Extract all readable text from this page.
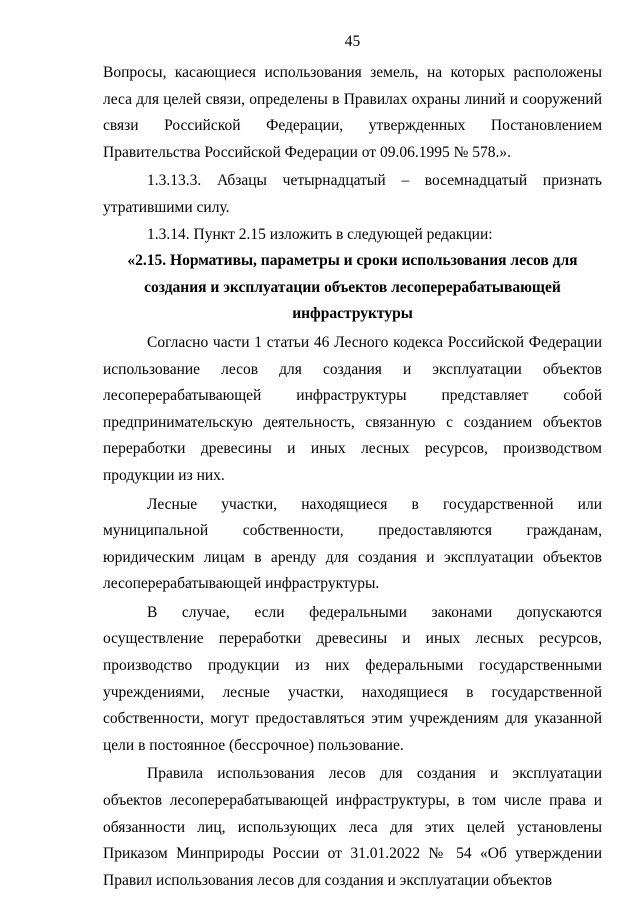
45

Вопросы, касающиеся использования земель, на которых расположены леса для целей связи, определены в Правилах охраны линий и сооружений связи Российской Федерации, утвержденных Постановлением Правительства Российской Федерации от 09.06.1995 № 578.».

1.3.13.3. Абзацы четырнадцатый – восемнадцатый признать утратившими силу.

1.3.14. Пункт 2.15 изложить в следующей редакции:

«2.15. Нормативы, параметры и сроки использования лесов для создания и эксплуатации объектов лесоперерабатывающей инфраструктуры

Согласно части 1 статьи 46 Лесного кодекса Российской Федерации использование лесов для создания и эксплуатации объектов лесоперерабатывающей инфраструктуры представляет собой предпринимательскую деятельность, связанную с созданием объектов переработки древесины и иных лесных ресурсов, производством продукции из них.

Лесные участки, находящиеся в государственной или муниципальной собственности, предоставляются гражданам, юридическим лицам в аренду для создания и эксплуатации объектов лесоперерабатывающей инфраструктуры.

В случае, если федеральными законами допускаются осуществление переработки древесины и иных лесных ресурсов, производство продукции из них федеральными государственными учреждениями, лесные участки, находящиеся в государственной собственности, могут предоставляться этим учреждениям для указанной цели в постоянное (бессрочное) пользование.

Правила использования лесов для создания и эксплуатации объектов лесоперерабатывающей инфраструктуры, в том числе права и обязанности лиц, использующих леса для этих целей установлены Приказом Минприроды России от 31.01.2022 № 54 «Об утверждении Правил использования лесов для создания и эксплуатации объектов
